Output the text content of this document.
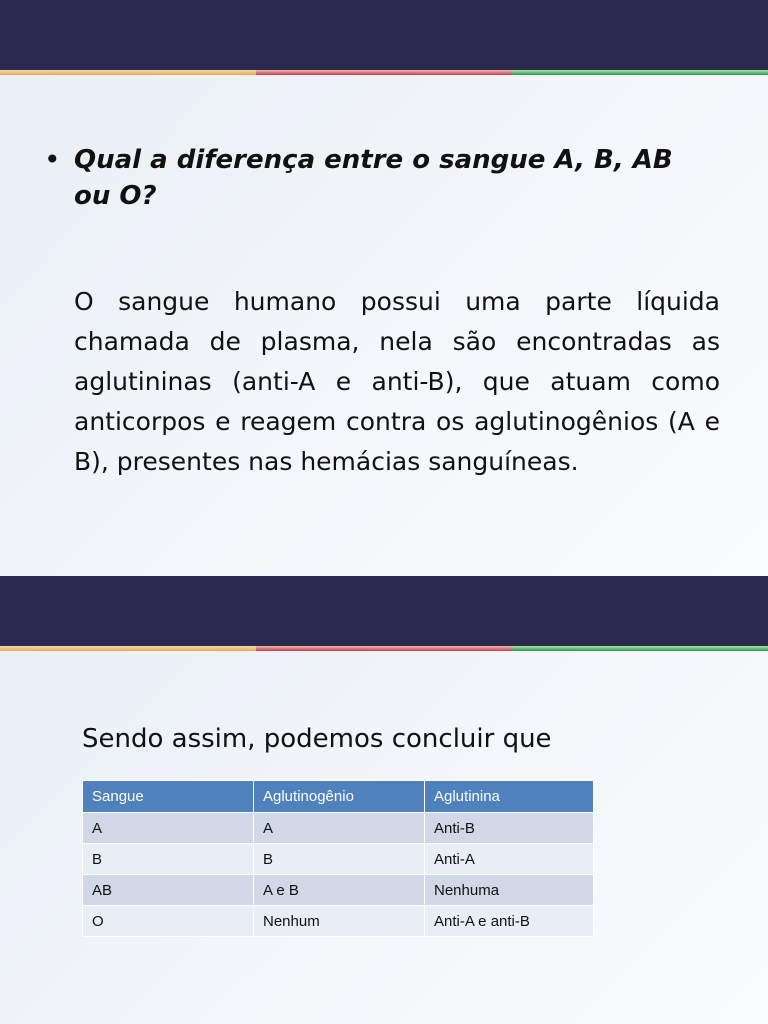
• Qual a diferença entre o sangue A, B, AB ou O?

O sangue humano possui uma parte líquida chamada de plasma, nela são encontradas as aglutininas (anti-A e anti-B), que atuam como anticorpos e reagem contra os aglutinogênios (A e B), presentes nas hemácias sanguíneas.

Sendo assim, podemos concluir que

Sangue	Aglutinogênio	Aglutinina
A	A	Anti-B
B	B	Anti-A
AB	A e B	Nenhuma
O	Nenhum	Anti-A e anti-B
